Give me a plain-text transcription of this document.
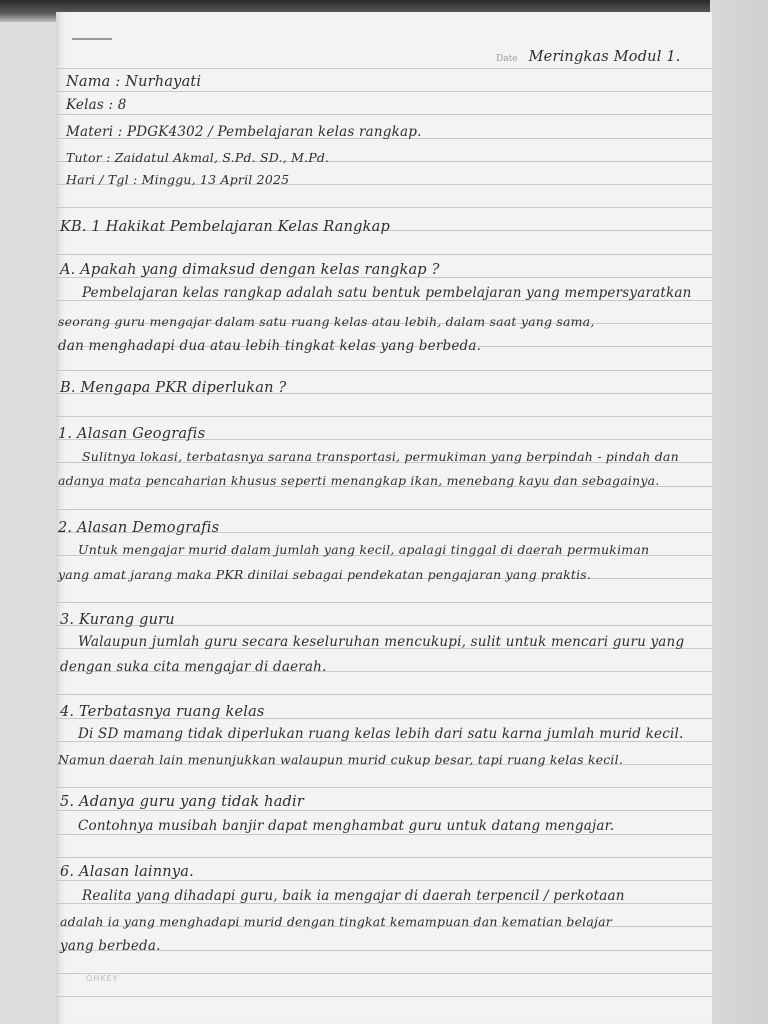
Date Meringkas Modul 1.
Nama : Nurhayati
Kelas : 8
Materi : PDGK4302 / Pembelajaran kelas rangkap.
Tutor : Zaidatul Akmal, S.Pd. SD., M.Pd.
Hari / Tgl : Minggu, 13 April 2025
KB. 1 Hakikat Pembelajaran Kelas Rangkap
A. Apakah yang dimaksud dengan kelas rangkap ?
Pembelajaran kelas rangkap adalah satu bentuk pembelajaran yang mempersyaratkan
seorang guru mengajar dalam satu ruang kelas atau lebih, dalam saat yang sama,
dan menghadapi dua atau lebih tingkat kelas yang berbeda.
B. Mengapa PKR diperlukan ?
1. Alasan Geografis
Sulitnya lokasi, terbatasnya sarana transportasi, permukiman yang berpindah - pindah dan
adanya mata pencaharian khusus seperti menangkap ikan, menebang kayu dan sebagainya.
2. Alasan Demografis
Untuk mengajar murid dalam jumlah yang kecil, apalagi tinggal di daerah permukiman
yang amat jarang maka PKR dinilai sebagai pendekatan pengajaran yang praktis.
3. Kurang guru
Walaupun jumlah guru secara keseluruhan mencukupi, sulit untuk mencari guru yang
dengan suka cita mengajar di daerah.
4. Terbatasnya ruang kelas
Di SD mamang tidak diperlukan ruang kelas lebih dari satu karna jumlah murid kecil.
Namun daerah lain menunjukkan walaupun murid cukup besar, tapi ruang kelas kecil.
5. Adanya guru yang tidak hadir
Contohnya musibah banjir dapat menghambat guru untuk datang mengajar.
6. Alasan lainnya.
Realita yang dihadapi guru, baik ia mengajar di daerah terpencil / perkotaan
adalah ia yang menghadapi murid dengan tingkat kemampuan dan kematian belajar
yang berbeda.
OHKEY
